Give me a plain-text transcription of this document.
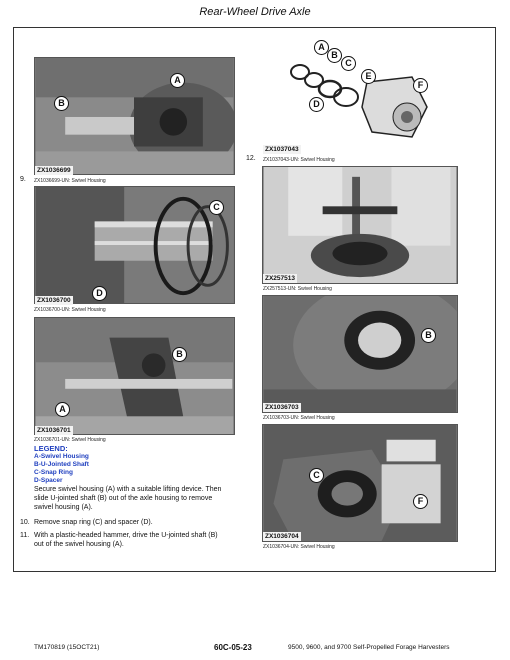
Rear-Wheel Drive Axle
A
B
ZX1036699
9. ZX1036699-UN: Swivel Housing
C
D
ZX1036700
ZX1036700-UN: Swivel Housing
B
A
ZX1036701
ZX1036701-UN: Swivel Housing
LEGEND:
A-Swivel Housing
B-U-Jointed Shaft
C-Snap Ring
D-Spacer
Secure swivel housing (A) with a suitable lifting device. Then
slide U-jointed shaft (B) out of the axle housing to remove
swivel housing (A).
10. Remove snap ring (C) and spacer (D).
11. With a plastic-headed hammer, drive the U-jointed shaft (B)
out of the swivel housing (A).
A
B
C
E
F
D
ZX1037043
12. ZX1037043-UN: Swivel Housing
ZX257513
ZX257513-UN: Swivel Housing
B
ZX1036703
ZX1036703-UN: Swivel Housing
C
F
ZX1036704
ZX1036704-UN: Swivel Housing
TM170819 (15OCT21)	60C-05-23	9500, 9600, and 9700 Self-Propelled Forage Harvesters
